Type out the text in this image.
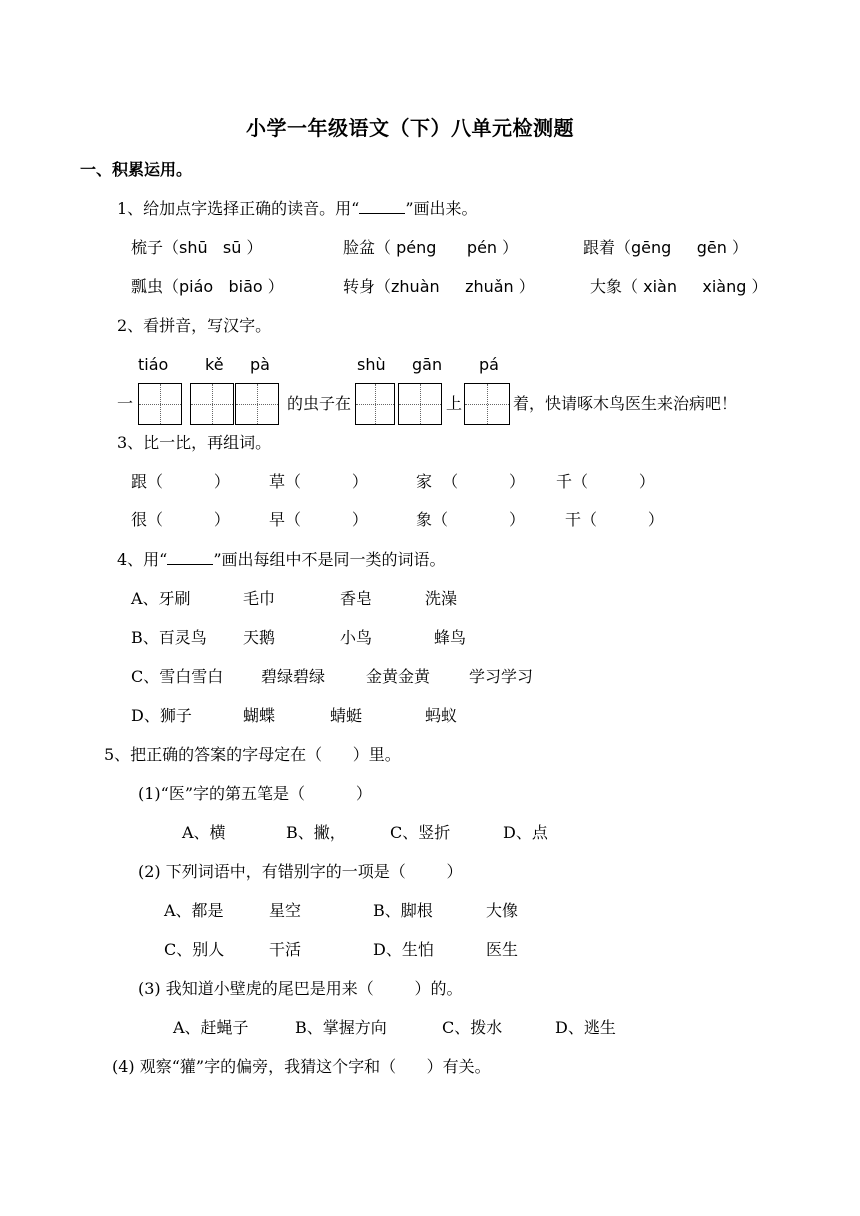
小学一年级语文（下）八单元检测题
一、积累运用。
1、给加点字选择正确的读音。用“	”画出来。
梳子（shū   sū ）	脸盆（ péng      pén ）	跟着（gēng     gēn ）
瓢虫（piáo   biāo ）	转身（zhuàn     zhuǎn ）	大象（ xiàn     xiàng ）
2、看拼音，写汉字。
tiáo kě pà	shù gān pá
一	的虫子在	上	着，快请啄木鸟医生来治病吧！
3、比一比，再组词。
跟（          ） 草（          ）	家  （          ） 千（          ）
很（          ） 早（          ）	象（            ） 干（          ）
4、用“	”画出每组中不是同一类的词语。
A、牙刷	毛巾	香皂	洗澡
B、百灵鸟 天鹅	小鸟	蜂鸟
C、雪白雪白 碧绿碧绿	金黄金黄 学习学习
D、狮子	蝴蝶	蜻蜓	蚂蚁
5、把正确的答案的字母定在（      ）里。
(1)“医”字的第五笔是（          ）
A、横	B、撇，	C、竖折	D、点
(2) 下列词语中，有错别字的一项是（        ）
A、都是	星空	B、脚根	大像
C、别人	干活	D、生怕	医生
(3) 我知道小壁虎的尾巴是用来（        ）的。
A、赶蝇子	B、掌握方向	C、拨水	D、逃生
(4) 观察“獾”字的偏旁，我猜这个字和（      ）有关。
